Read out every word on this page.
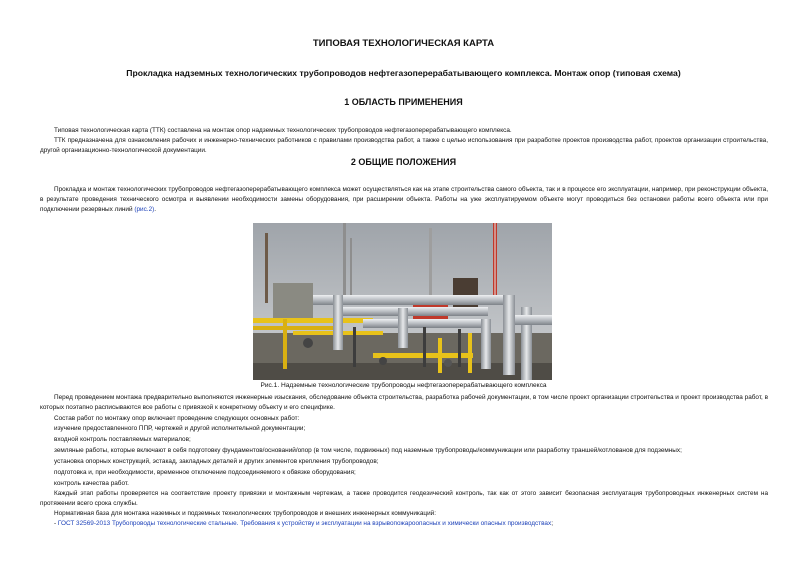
ТИПОВАЯ ТЕХНОЛОГИЧЕСКАЯ КАРТА
Прокладка надземных технологических трубопроводов нефтегазоперерабатывающего комплекса. Монтаж опор (типовая схема)
1 ОБЛАСТЬ ПРИМЕНЕНИЯ
Типовая технологическая карта (ТТК) составлена на монтаж опор надземных технологических трубопроводов нефтегазоперерабатывающего комплекса.
ТТК предназначена для ознакомления рабочих и инженерно-технических работников с правилами производства работ, а также с целью использования при разработке проектов производства работ, проектов организации строительства, другой организационно-технологической документации.
2 ОБЩИЕ ПОЛОЖЕНИЯ
Прокладка и монтаж технологических трубопроводов нефтегазоперерабатывающего комплекса может осуществляться как на этапе строительства самого объекта, так и в процессе его эксплуатации, например, при реконструкции объекта, в результате проведения технического осмотра и выявлении необходимости замены оборудования, при расширении объекта. Работы на уже эксплуатируемом объекте могут проводиться без остановки работы всего объекта или при подключении резервных линий (рис.2).
Рис.1. Надземные технологические трубопроводы нефтегазоперерабатывающего комплекса
Перед проведением монтажа предварительно выполняются инженерные изыскания, обследование объекта строительства, разработка рабочей документации, в том числе проект организации строительства и проект производства работ, в которых поэтапно расписываются все работы с привязкой к конкретному объекту и его специфике.
Состав работ по монтажу опор включает проведение следующих основных работ:
изучение предоставленного ППР, чертежей и другой исполнительной документации;
входной контроль поставляемых материалов;
земляные работы, которые включают в себя подготовку фундаментов/оснований/опор (в том числе, подвижных) под наземные трубопроводы/коммуникации или разработку траншей/котлованов для подземных;
установка опорных конструкций, эстакад, закладных деталей и других элементов крепления трубопроводов;
подготовка и, при необходимости, временное отключение подсоединяемого к обвязке оборудования;
контроль качества работ.
Каждый этап работы проверяется на соответствие проекту привязки и монтажным чертежам, а также проводится геодезический контроль, так как от этого зависит безопасная эксплуатация трубопроводных инженерных систем на протяжении всего срока службы.
Нормативная база для монтажа наземных и подземных технологических трубопроводов и внешних инженерных коммуникаций:
- ГОСТ 32569-2013 Трубопроводы технологические стальные. Требования к устройству и эксплуатации на взрывопожароопасных и химически опасных производствах;
